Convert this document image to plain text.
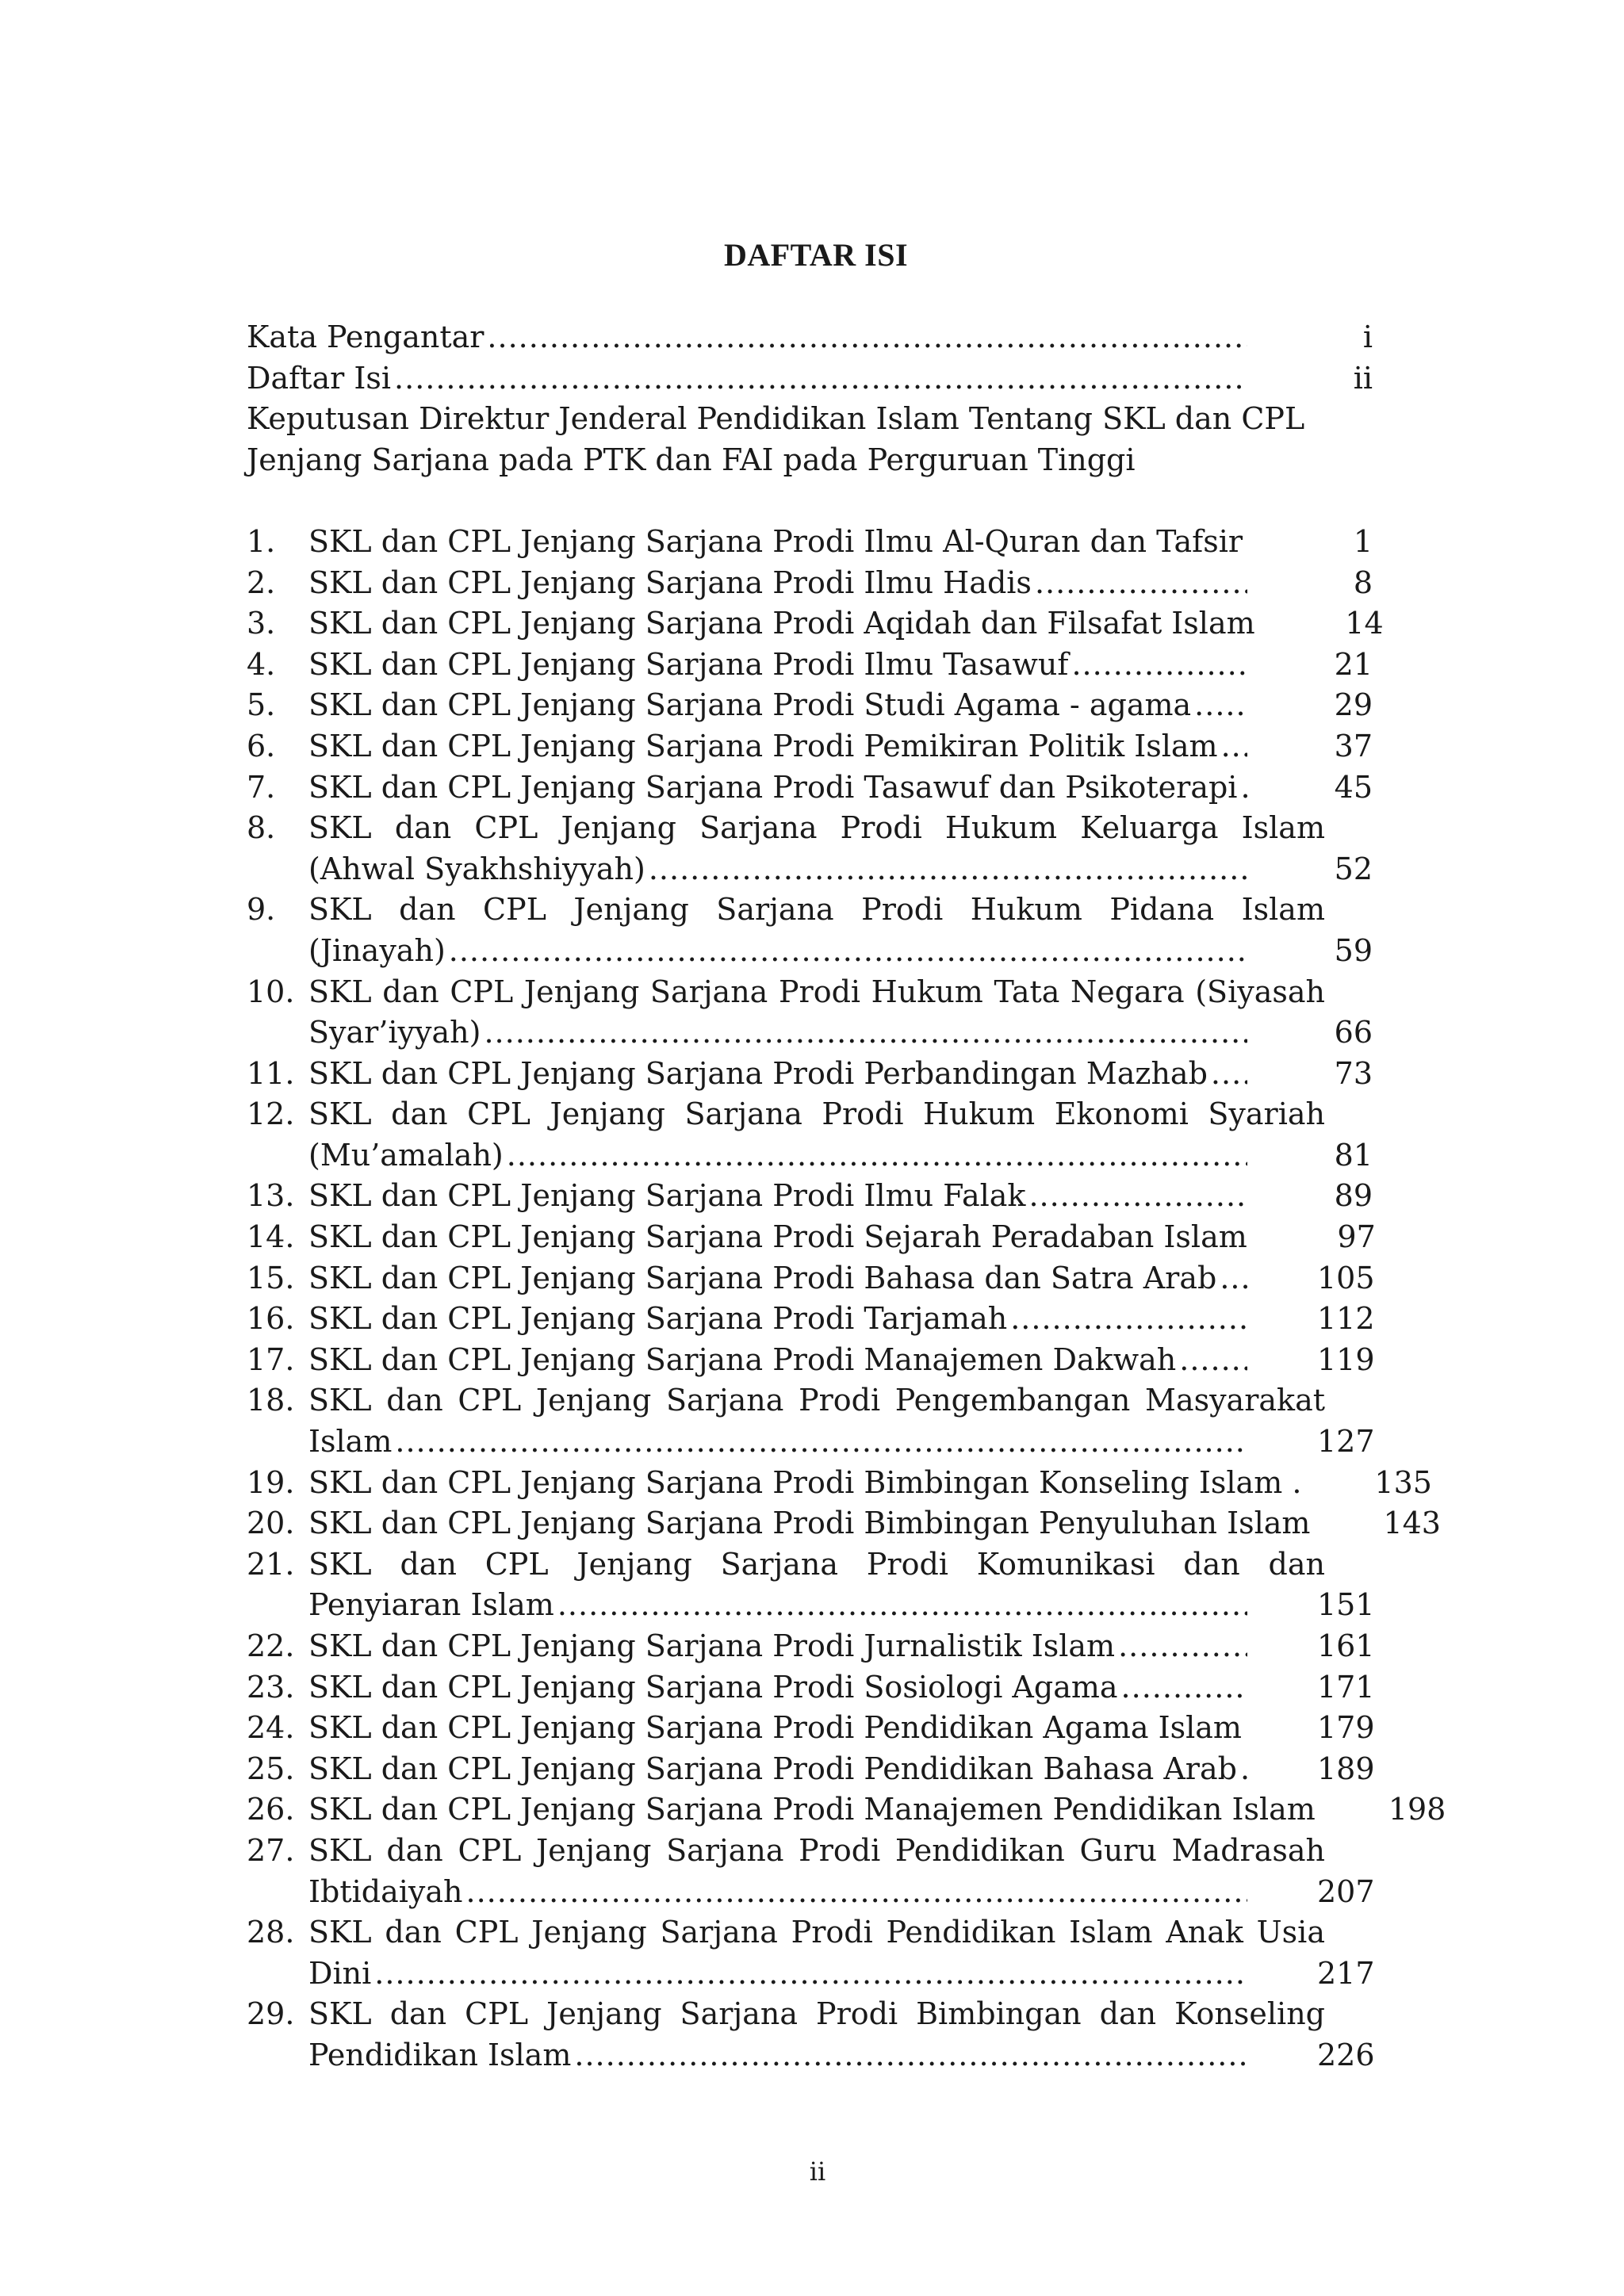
DAFTAR ISI
Kata Pengantar .....	i
Daftar Isi .....	ii
Keputusan Direktur Jenderal Pendidikan Islam Tentang SKL dan CPL
Jenjang Sarjana pada PTK dan FAI pada Perguruan Tinggi
1.	SKL dan CPL Jenjang Sarjana Prodi Ilmu Al-Quran dan Tafsir .....	1
2.	SKL dan CPL Jenjang Sarjana Prodi Ilmu Hadis .....	8
3.	SKL dan CPL Jenjang Sarjana Prodi Aqidah dan Filsafat Islam	14
4.	SKL dan CPL Jenjang Sarjana Prodi Ilmu Tasawuf .....	21
5.	SKL dan CPL Jenjang Sarjana Prodi Studi Agama - agama .....	29
6.	SKL dan CPL Jenjang Sarjana Prodi Pemikiran Politik Islam .....	37
7.	SKL dan CPL Jenjang Sarjana Prodi Tasawuf dan Psikoterapi .....	45
8.	SKL dan CPL Jenjang Sarjana Prodi Hukum Keluarga Islam
(Ahwal Syakhshiyyah) .....	52
9.	SKL dan CPL Jenjang Sarjana Prodi Hukum Pidana Islam
(Jinayah) .....	59
10. SKL dan CPL Jenjang Sarjana Prodi Hukum Tata Negara (Siyasah
Syar’iyyah) .....	66
11. SKL dan CPL Jenjang Sarjana Prodi Perbandingan Mazhab .....	73
12. SKL dan CPL Jenjang Sarjana Prodi Hukum Ekonomi Syariah
(Mu’amalah) .....	81
13. SKL dan CPL Jenjang Sarjana Prodi Ilmu Falak .....	89
14. SKL dan CPL Jenjang Sarjana Prodi Sejarah Peradaban Islam	97
15. SKL dan CPL Jenjang Sarjana Prodi Bahasa dan Satra Arab .....	105
16. SKL dan CPL Jenjang Sarjana Prodi Tarjamah .....	112
17. SKL dan CPL Jenjang Sarjana Prodi Manajemen Dakwah .....	119
18. SKL dan CPL Jenjang Sarjana Prodi Pengembangan Masyarakat
Islam .....	127
19. SKL dan CPL Jenjang Sarjana Prodi Bimbingan Konseling Islam . 135
20. SKL dan CPL Jenjang Sarjana Prodi Bimbingan Penyuluhan Islam 143
21. SKL dan CPL Jenjang Sarjana Prodi Komunikasi dan dan
Penyiaran Islam .....	151
22. SKL dan CPL Jenjang Sarjana Prodi Jurnalistik Islam .....	161
23. SKL dan CPL Jenjang Sarjana Prodi Sosiologi Agama .....	171
24. SKL dan CPL Jenjang Sarjana Prodi Pendidikan Agama Islam .....	179
25. SKL dan CPL Jenjang Sarjana Prodi Pendidikan Bahasa Arab .....	189
26. SKL dan CPL Jenjang Sarjana Prodi Manajemen Pendidikan Islam 198
27. SKL dan CPL Jenjang Sarjana Prodi Pendidikan Guru Madrasah
Ibtidaiyah .....	207
28. SKL dan CPL Jenjang Sarjana Prodi Pendidikan Islam Anak Usia
Dini .....	217
29. SKL dan CPL Jenjang Sarjana Prodi Bimbingan dan Konseling
Pendidikan Islam .....	226
ii
